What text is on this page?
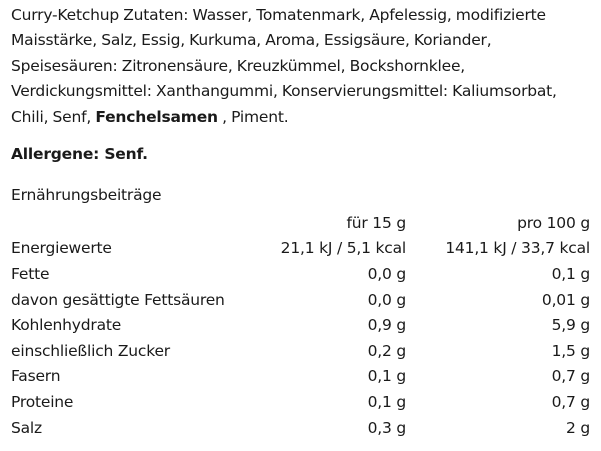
Curry-Ketchup Zutaten: Wasser, Tomatenmark, Apfelessig, modifizierte Maisstärke, Salz, Essig, Kurkuma, Aroma, Essigsäure, Koriander, Speisesäuren: Zitronensäure, Kreuzkümmel, Bockshornklee, Verdickungsmittel: Xanthangummi, Konservierungsmittel: Kaliumsorbat, Chili, Senf, Fenchelsamen , Piment.
Allergene: Senf.
Ernährungsbeiträge
	für 15 g	pro 100 g
Energiewerte	21,1 kJ / 5,1 kcal	141,1 kJ / 33,7 kcal
Fette	0,0 g	0,1 g
davon gesättigte Fettsäuren	0,0 g	0,01 g
Kohlenhydrate	0,9 g	5,9 g
einschließlich Zucker	0,2 g	1,5 g
Fasern	0,1 g	0,7 g
Proteine	0,1 g	0,7 g
Salz	0,3 g	2 g
